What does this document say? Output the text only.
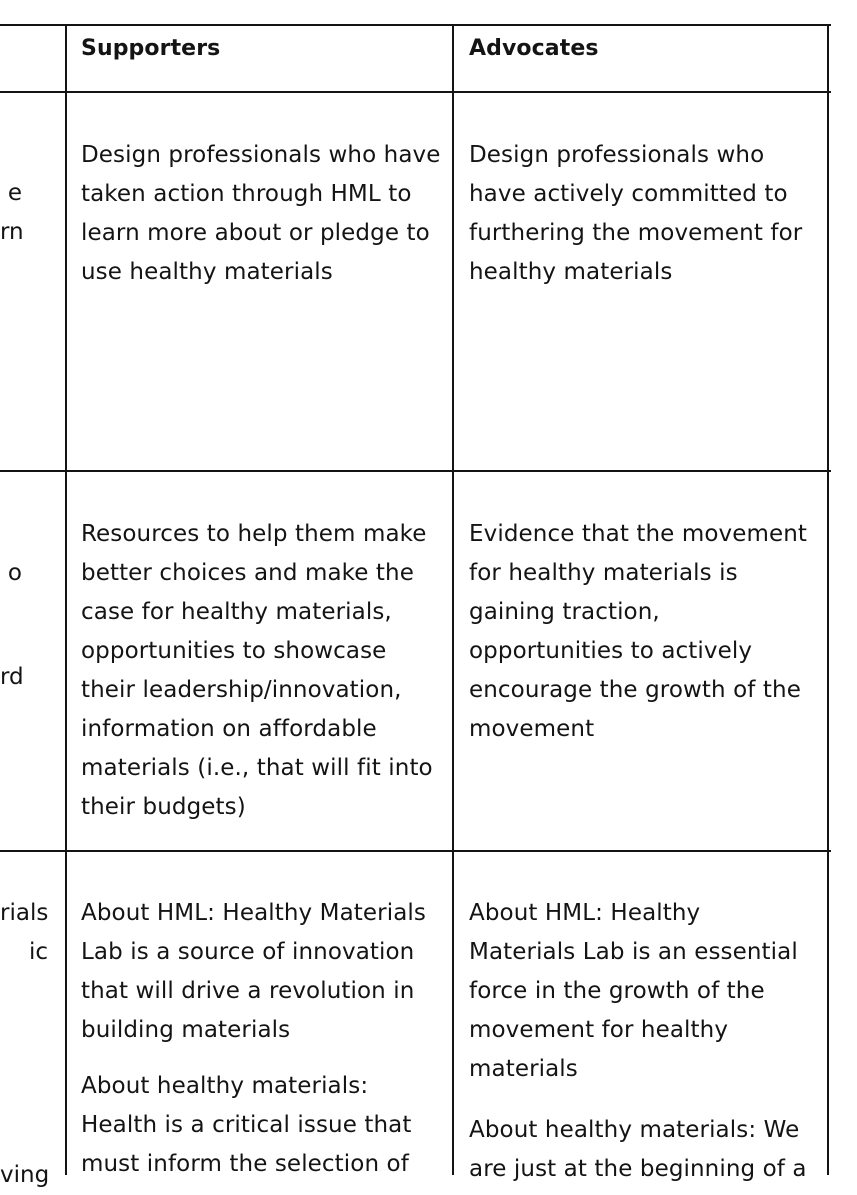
Supporters	Advocates
e
rn

Design professionals who have taken action through HML to learn more about or pledge to use healthy materials

Design professionals who have actively committed to furthering the movement for healthy materials

o
rd

Resources to help them make better choices and make the case for healthy materials, opportunities to showcase their leadership/innovation, information on affordable materials (i.e., that will fit into their budgets)

Evidence that the movement for healthy materials is gaining traction, opportunities to actively encourage the growth of the movement

rials
ic
ving

About HML: Healthy Materials Lab is a source of innovation that will drive a revolution in building materials

About healthy materials: Health is a critical issue that must inform the selection of

About HML: Healthy Materials Lab is an essential force in the growth of the movement for healthy materials

About healthy materials: We are just at the beginning of a
